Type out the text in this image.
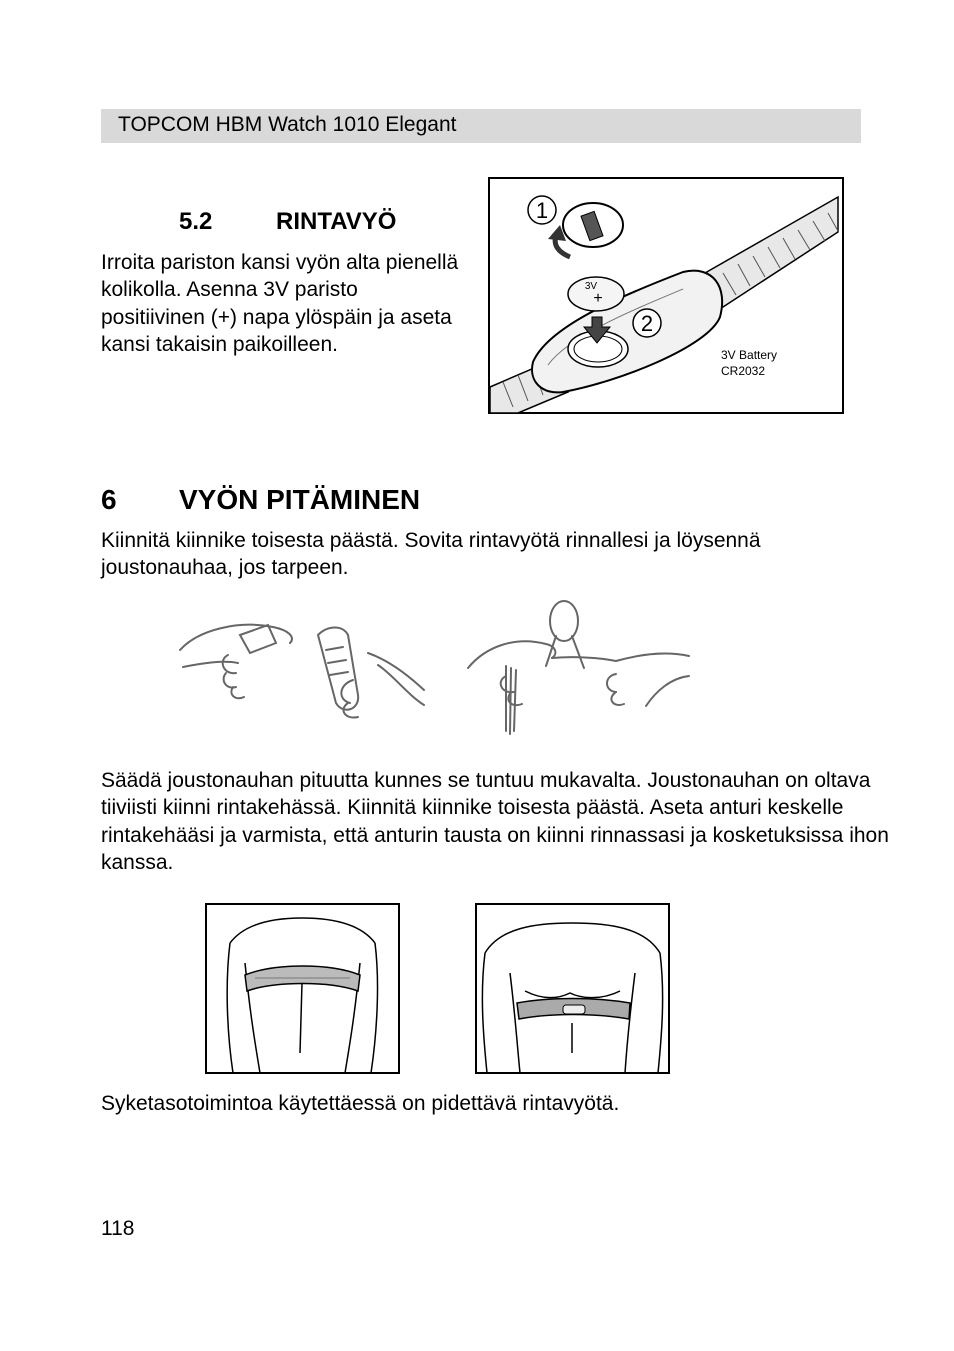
TOPCOM HBM Watch 1010 Elegant
5.2	RINTAVYÖ
Irroita pariston kansi vyön alta pienellä kolikolla. Asenna 3V paristo positiivinen (+) napa ylöspäin ja aseta kansi takaisin paikoilleen.
3V
+
1
2
3V Battery
CR2032
6 VYÖN PITÄMINEN
Kiinnitä kiinnike toisesta päästä. Sovita rintavyötä rinnallesi ja löysennä joustonauhaa, jos tarpeen.
Säädä joustonauhan pituutta kunnes se tuntuu mukavalta. Joustonauhan on oltava tiiviisti kiinni rintakehässä. Kiinnitä kiinnike toisesta päästä. Aseta anturi keskelle rintakehääsi ja varmista, että anturin tausta on kiinni rinnassasi ja kosketuksissa ihon kanssa.
Syketasotoimintoa käytettäessä on pidettävä rintavyötä.
118
